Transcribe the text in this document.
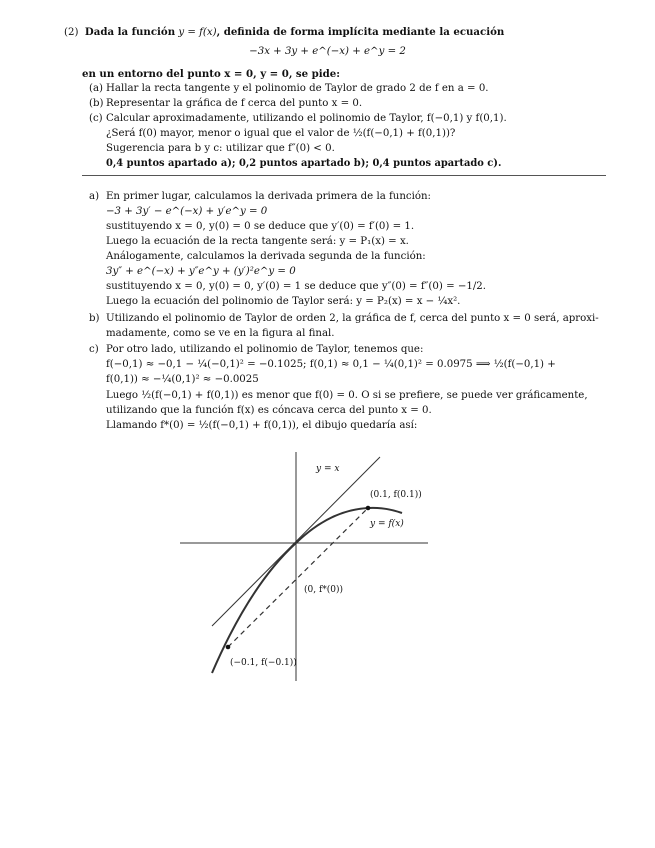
(2) Dada la función y = f(x), definida de forma implícita mediante la ecuación
−3x + 3y + e^(−x) + e^y = 2
en un entorno del punto x = 0, y = 0, se pide:
(a) Hallar la recta tangente y el polinomio de Taylor de grado 2 de f en a = 0.
(b) Representar la gráfica de f cerca del punto x = 0.
(c) Calcular aproximadamente, utilizando el polinomio de Taylor, f(−0,1) y f(0,1).
¿Será f(0) mayor, menor o igual que el valor de ½(f(−0,1) + f(0,1))?
Sugerencia para b y c: utilizar que f″(0) < 0.
0,4 puntos apartado a); 0,2 puntos apartado b); 0,4 puntos apartado c).
a) En primer lugar, calculamos la derivada primera de la función:
−3 + 3y′ − e^(−x) + y′e^y = 0
sustituyendo x = 0, y(0) = 0 se deduce que y′(0) = f′(0) = 1.
Luego la ecuación de la recta tangente será: y = P₁(x) = x.
Análogamente, calculamos la derivada segunda de la función:
3y″ + e^(−x) + y″e^y + (y′)²e^y = 0
sustituyendo x = 0, y(0) = 0, y′(0) = 1 se deduce que y″(0) = f″(0) = −1/2.
Luego la ecuación del polinomio de Taylor será: y = P₂(x) = x − ¼x².
b) Utilizando el polinomio de Taylor de orden 2, la gráfica de f, cerca del punto x = 0 será, aproxi-
madamente, como se ve en la figura al final.
c) Por otro lado, utilizando el polinomio de Taylor, tenemos que:
f(−0,1) ≈ −0,1 − ¼(−0,1)² = −0.1025; f(0,1) ≈ 0,1 − ¼(0,1)² = 0.0975 ⟹ ½(f(−0,1) +
f(0,1)) ≈ −¼(0,1)² ≈ −0.0025
Luego ½(f(−0,1) + f(0,1)) es menor que f(0) = 0. O si se prefiere, se puede ver gráficamente,
utilizando que la función f(x) es cóncava cerca del punto x = 0.
Llamando f*(0) = ½(f(−0,1) + f(0,1)), el dibujo quedaría así:
y = x
(0.1, f(0.1))
y = f(x)
(0, f*(0))
(−0.1, f(−0.1))
